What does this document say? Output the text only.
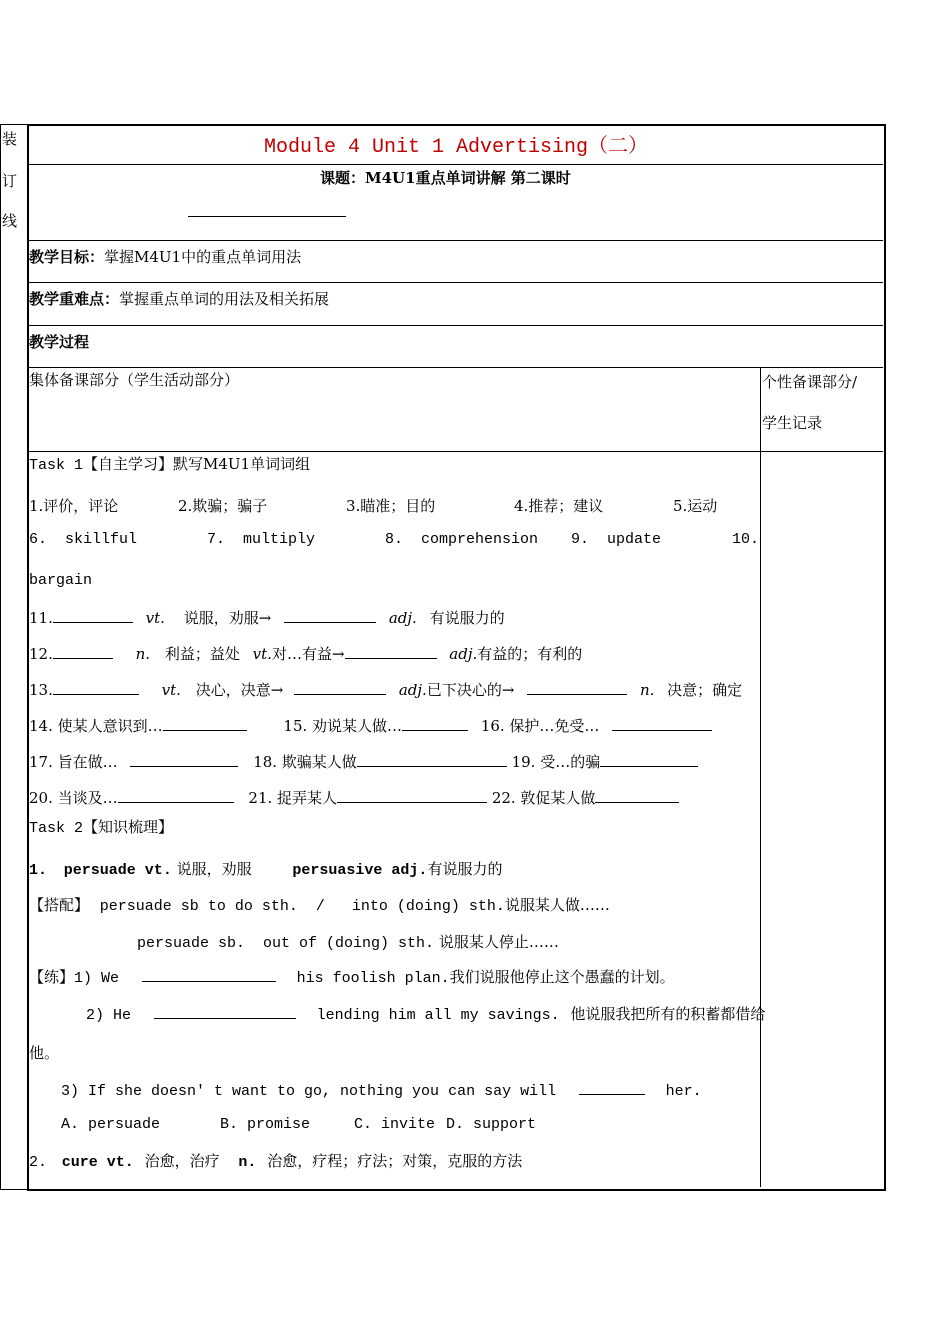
装
订
线
Module 4 Unit 1 Advertising（二）
课题：M4U1重点单词讲解 第二课时
教学目标：掌握M4U1中的重点单词用法
教学重难点：掌握重点单词的用法及相关拓展
教学过程
集体备课部分（学生活动部分）	个性备课部分/
学生记录
Task 1【自主学习】默写M4U1单词词组
1.评价，评论	2.欺骗；骗子	3.瞄准；目的	4.推荐；建议	5.运动
6.  skillful	7.  multiply	8.  comprehension 9.  update	10.
bargain
11.	vt. 说服，劝服→	adj. 有说服力的
12.	n. 利益；益处 vt.对…有益→	adj.有益的；有利的
13.	vt. 决心，决意→	adj.已下决心的→	n. 决意；确定
14. 使某人意识到…	15. 劝说某人做…	16. 保护…免受…
17. 旨在做…	18. 欺骗某人做	19. 受…的骗
20. 当谈及…	21. 捉弄某人	22. 敦促某人做
Task 2【知识梳理】
1. persuade vt. 说服，劝服	persuasive adj.有说服力的
【搭配】 persuade sb to do sth.  /   into (doing) sth.说服某人做……
persuade sb.  out of (doing) sth. 说服某人停止……
【练】1) We	his foolish plan.我们说服他停止这个愚蠢的计划。
2) He	lending him all my savings. 他说服我把所有的积蓄都借给
他。
3) If she doesn' t want to go, nothing you can say will	her.
A. persuade	B. promise	C. invite D. support
2. cure vt. 治愈，治疗 n. 治愈，疗程；疗法；对策，克服的方法
